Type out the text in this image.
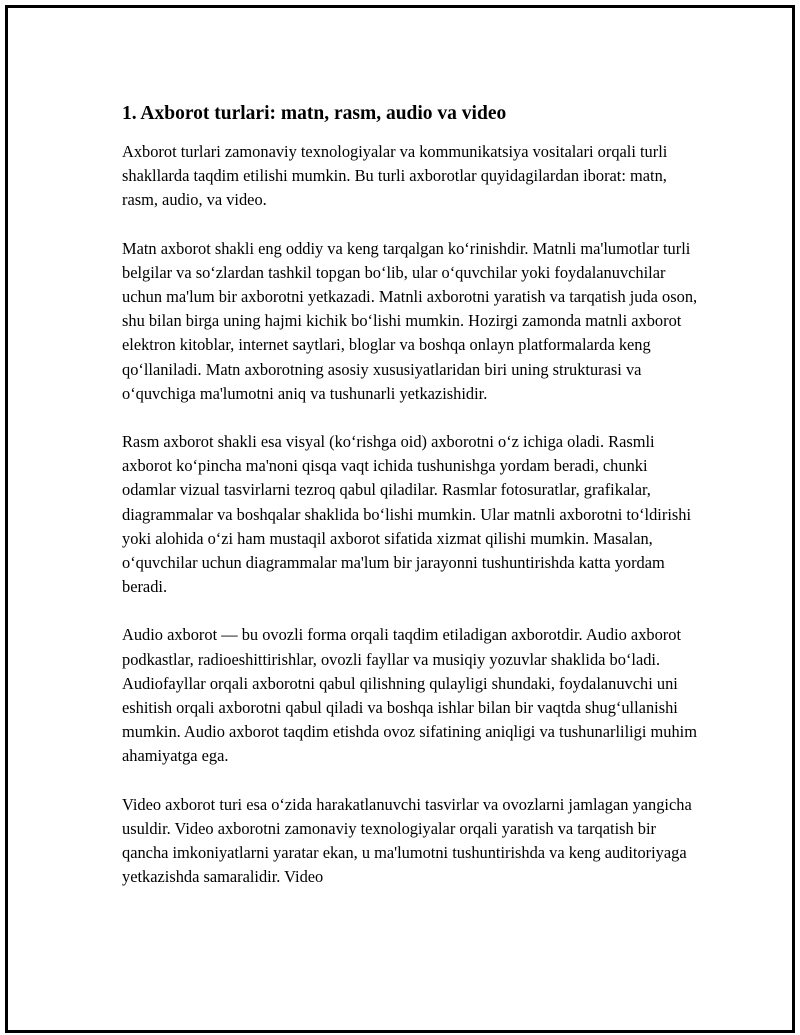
1. Axborot turlari: matn, rasm, audio va video

Axborot turlari zamonaviy texnologiyalar va kommunikatsiya vositalari orqali turli shakllarda taqdim etilishi mumkin. Bu turli axborotlar quyidagilardan iborat: matn, rasm, audio, va video.

Matn axborot shakli eng oddiy va keng tarqalgan koʻrinishdir. Matnli ma'lumotlar turli belgilar va soʻzlardan tashkil topgan boʻlib, ular oʻquvchilar yoki foydalanuvchilar uchun ma'lum bir axborotni yetkazadi. Matnli axborotni yaratish va tarqatish juda oson, shu bilan birga uning hajmi kichik boʻlishi mumkin. Hozirgi zamonda matnli axborot elektron kitoblar, internet saytlari, bloglar va boshqa onlayn platformalarda keng qoʻllaniladi. Matn axborotning asosiy xususiyatlaridan biri uning strukturasi va oʻquvchiga ma'lumotni aniq va tushunarli yetkazishidir.

Rasm axborot shakli esa visyal (koʻrishga oid) axborotni oʻz ichiga oladi. Rasmli axborot koʻpincha ma'noni qisqa vaqt ichida tushunishga yordam beradi, chunki odamlar vizual tasvirlarni tezroq qabul qiladilar. Rasmlar fotosuratlar, grafikalar, diagrammalar va boshqalar shaklida boʻlishi mumkin. Ular matnli axborotni toʻldirishi yoki alohida oʻzi ham mustaqil axborot sifatida xizmat qilishi mumkin. Masalan, oʻquvchilar uchun diagrammalar ma'lum bir jarayonni tushuntirishda katta yordam beradi.

Audio axborot — bu ovozli forma orqali taqdim etiladigan axborotdir. Audio axborot podkastlar, radioeshittirishlar, ovozli fayllar va musiqiy yozuvlar shaklida boʻladi. Audiofayllar orqali axborotni qabul qilishning qulayligi shundaki, foydalanuvchi uni eshitish orqali axborotni qabul qiladi va boshqa ishlar bilan bir vaqtda shugʻullanishi mumkin. Audio axborot taqdim etishda ovoz sifatining aniqligi va tushunarliligi muhim ahamiyatga ega.

Video axborot turi esa oʻzida harakatlanuvchi tasvirlar va ovozlarni jamlagan yangicha usuldir. Video axborotni zamonaviy texnologiyalar orqali yaratish va tarqatish bir qancha imkoniyatlarni yaratar ekan, u ma'lumotni tushuntirishda va keng auditoriyaga yetkazishda samaralidir. Video
